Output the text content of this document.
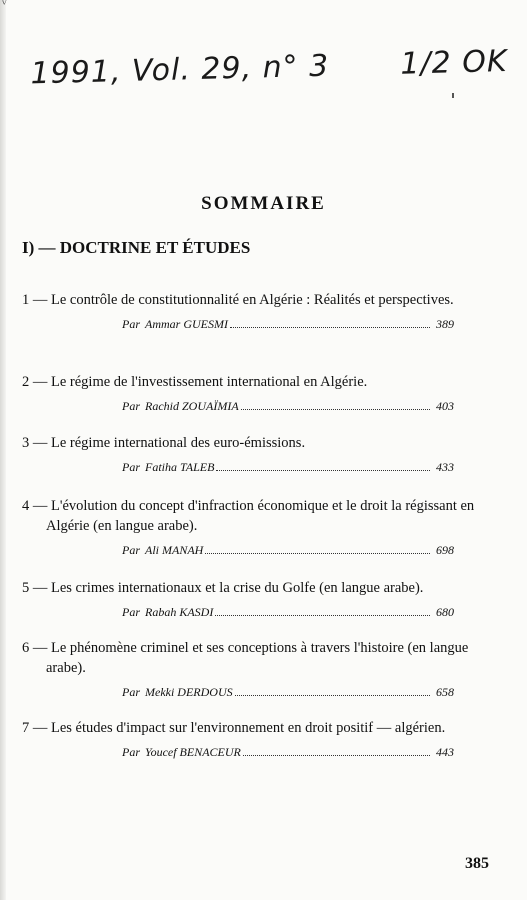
ⱽ
1991, Vol. 29, n° 3 1/2 OK
SOMMAIRE
I) — DOCTRINE ET ÉTUDES
1 — Le contrôle de constitutionnalité en Algérie : Réalités et perspectives.
Par Ammar GUESMI	389
2 — Le régime de l'investissement international en Algérie.
Par Rachid ZOUAÏMIA	403
3 — Le régime international des euro-émissions.
Par Fatiha TALEB	433
4 — L'évolution du concept d'infraction économique et le droit la régissant en Algérie (en langue arabe).
Par Ali MANAH	698
5 — Les crimes internationaux et la crise du Golfe (en langue arabe).
Par Rabah KASDI	680
6 — Le phénomène criminel et ses conceptions à travers l'histoire (en langue arabe).
Par Mekki DERDOUS	658
7 — Les études d'impact sur l'environnement en droit positif — algérien.
Par Youcef BENACEUR	443
385
